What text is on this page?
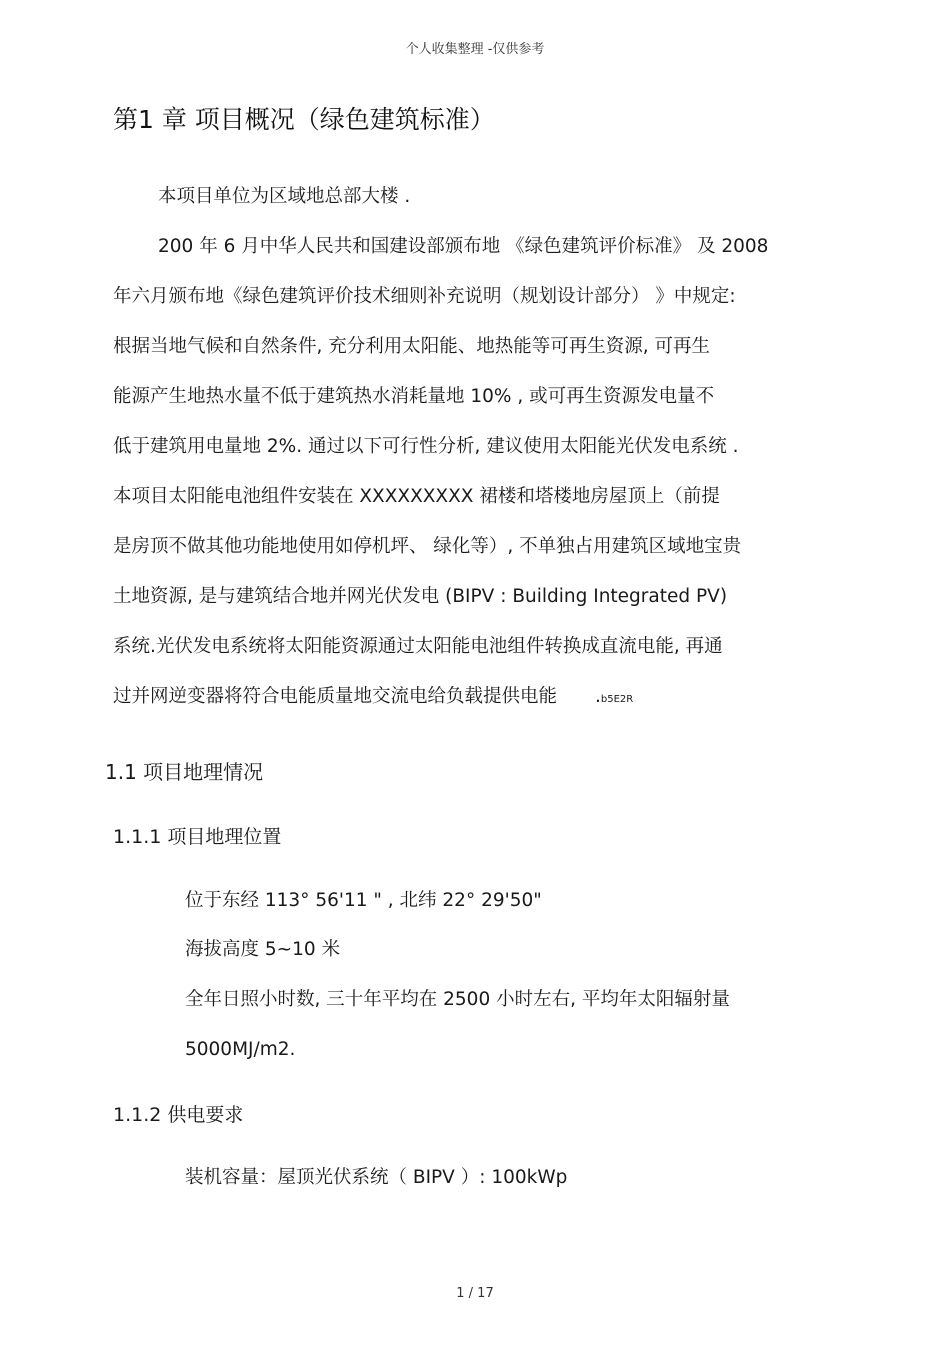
个人收集整理 -仅供参考
第1 章 项目概况（绿色建筑标准）
本项目单位为区域地总部大楼 .
200 年 6 月中华人民共和国建设部颁布地 《绿色建筑评价标准》 及 2008
年六月颁布地《绿色建筑评价技术细则补充说明（规划设计部分） 》中规定:
根据当地气候和自然条件, 充分利用太阳能、地热能等可再生资源, 可再生
能源产生地热水量不低于建筑热水消耗量地 10% , 或可再生资源发电量不
低于建筑用电量地 2%. 通过以下可行性分析, 建议使用太阳能光伏发电系统 .
本项目太阳能电池组件安装在 XXXXXXXXX 裙楼和塔楼地房屋顶上（前提
是房顶不做其他功能地使用如停机坪、 绿化等）, 不单独占用建筑区域地宝贵
土地资源, 是与建筑结合地并网光伏发电 (BIPV : Building Integrated PV)
系统.光伏发电系统将太阳能资源通过太阳能电池组件转换成直流电能, 再通
过并网逆变器将符合电能质量地交流电给负载提供电能 .b5E2R
1.1 项目地理情况
1.1.1 项目地理位置
位于东经 113° 56'11 " , 北纬 22° 29'50"
海拔高度 5~10 米
全年日照小时数, 三十年平均在 2500 小时左右, 平均年太阳辐射量
5000MJ/m2.
1.1.2 供电要求
装机容量：屋顶光伏系统（ BIPV ）: 100kWp
1 / 17
